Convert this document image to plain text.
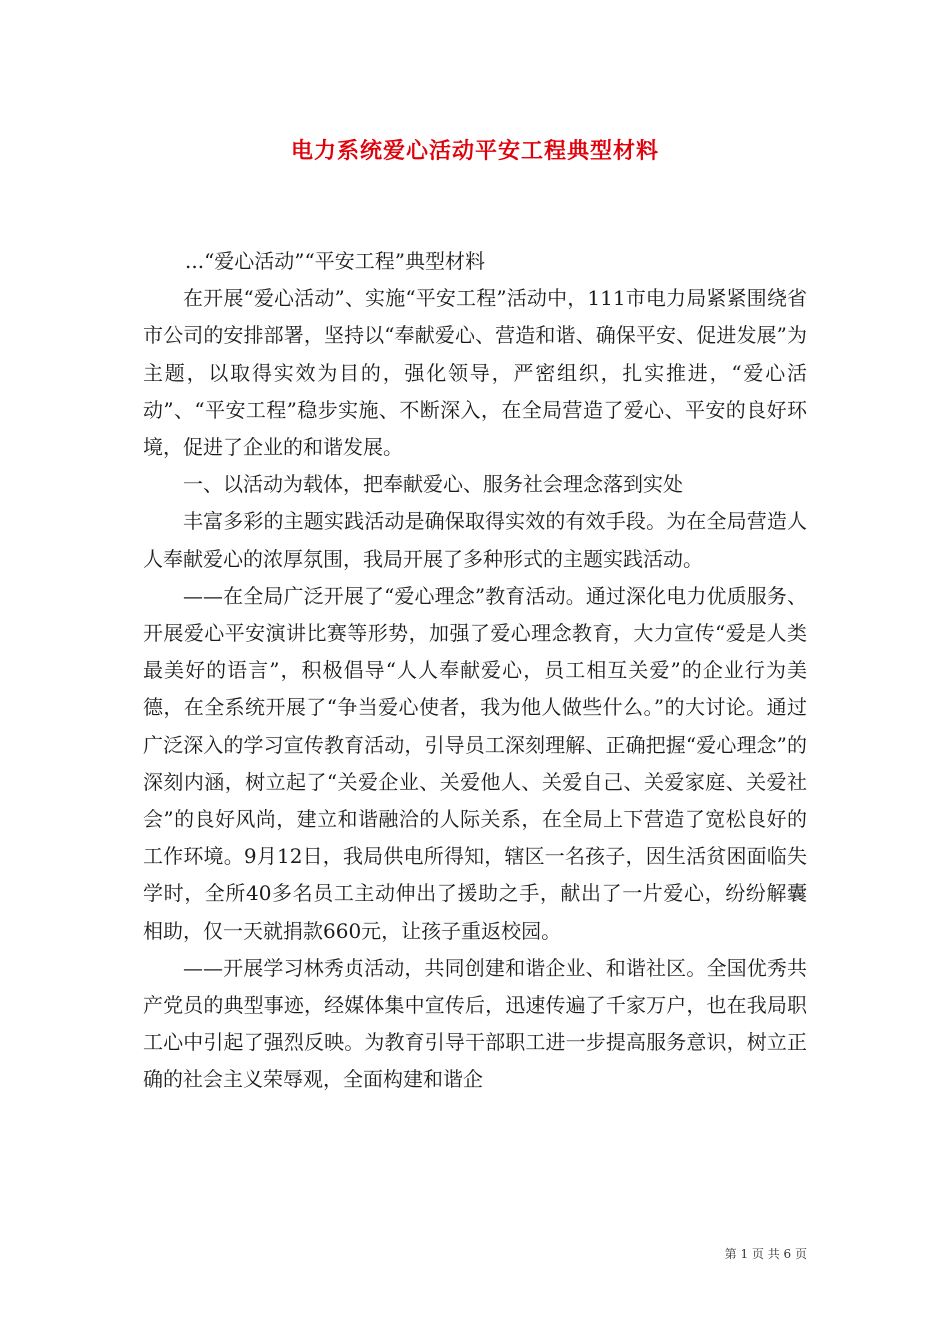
电力系统爱心活动平安工程典型材料

...“爱心活动”“平安工程”典型材料

在开展“爱心活动”、实施“平安工程”活动中，111市电力局紧紧围绕省市公司的安排部署，坚持以“奉献爱心、营造和谐、确保平安、促进发展”为主题，以取得实效为目的，强化领导，严密组织，扎实推进，“爱心活动”、“平安工程”稳步实施、不断深入，在全局营造了爱心、平安的良好环境，促进了企业的和谐发展。

一、以活动为载体，把奉献爱心、服务社会理念落到实处

丰富多彩的主题实践活动是确保取得实效的有效手段。为在全局营造人人奉献爱心的浓厚氛围，我局开展了多种形式的主题实践活动。

——在全局广泛开展了“爱心理念”教育活动。通过深化电力优质服务、开展爱心平安演讲比赛等形势，加强了爱心理念教育，大力宣传“爱是人类最美好的语言”，积极倡导“人人奉献爱心，员工相互关爱”的企业行为美德，在全系统开展了“争当爱心使者，我为他人做些什么。”的大讨论。通过广泛深入的学习宣传教育活动，引导员工深刻理解、正确把握“爱心理念”的深刻内涵，树立起了“关爱企业、关爱他人、关爱自己、关爱家庭、关爱社会”的良好风尚，建立和谐融洽的人际关系，在全局上下营造了宽松良好的工作环境。9月12日，我局供电所得知，辖区一名孩子，因生活贫困面临失学时，全所40多名员工主动伸出了援助之手，献出了一片爱心，纷纷解囊相助，仅一天就捐款660元，让孩子重返校园。

——开展学习林秀贞活动，共同创建和谐企业、和谐社区。全国优秀共产党员的典型事迹，经媒体集中宣传后，迅速传遍了千家万户，也在我局职工心中引起了强烈反映。为教育引导干部职工进一步提高服务意识，树立正确的社会主义荣辱观，全面构建和谐企

第 1 页 共 6 页
